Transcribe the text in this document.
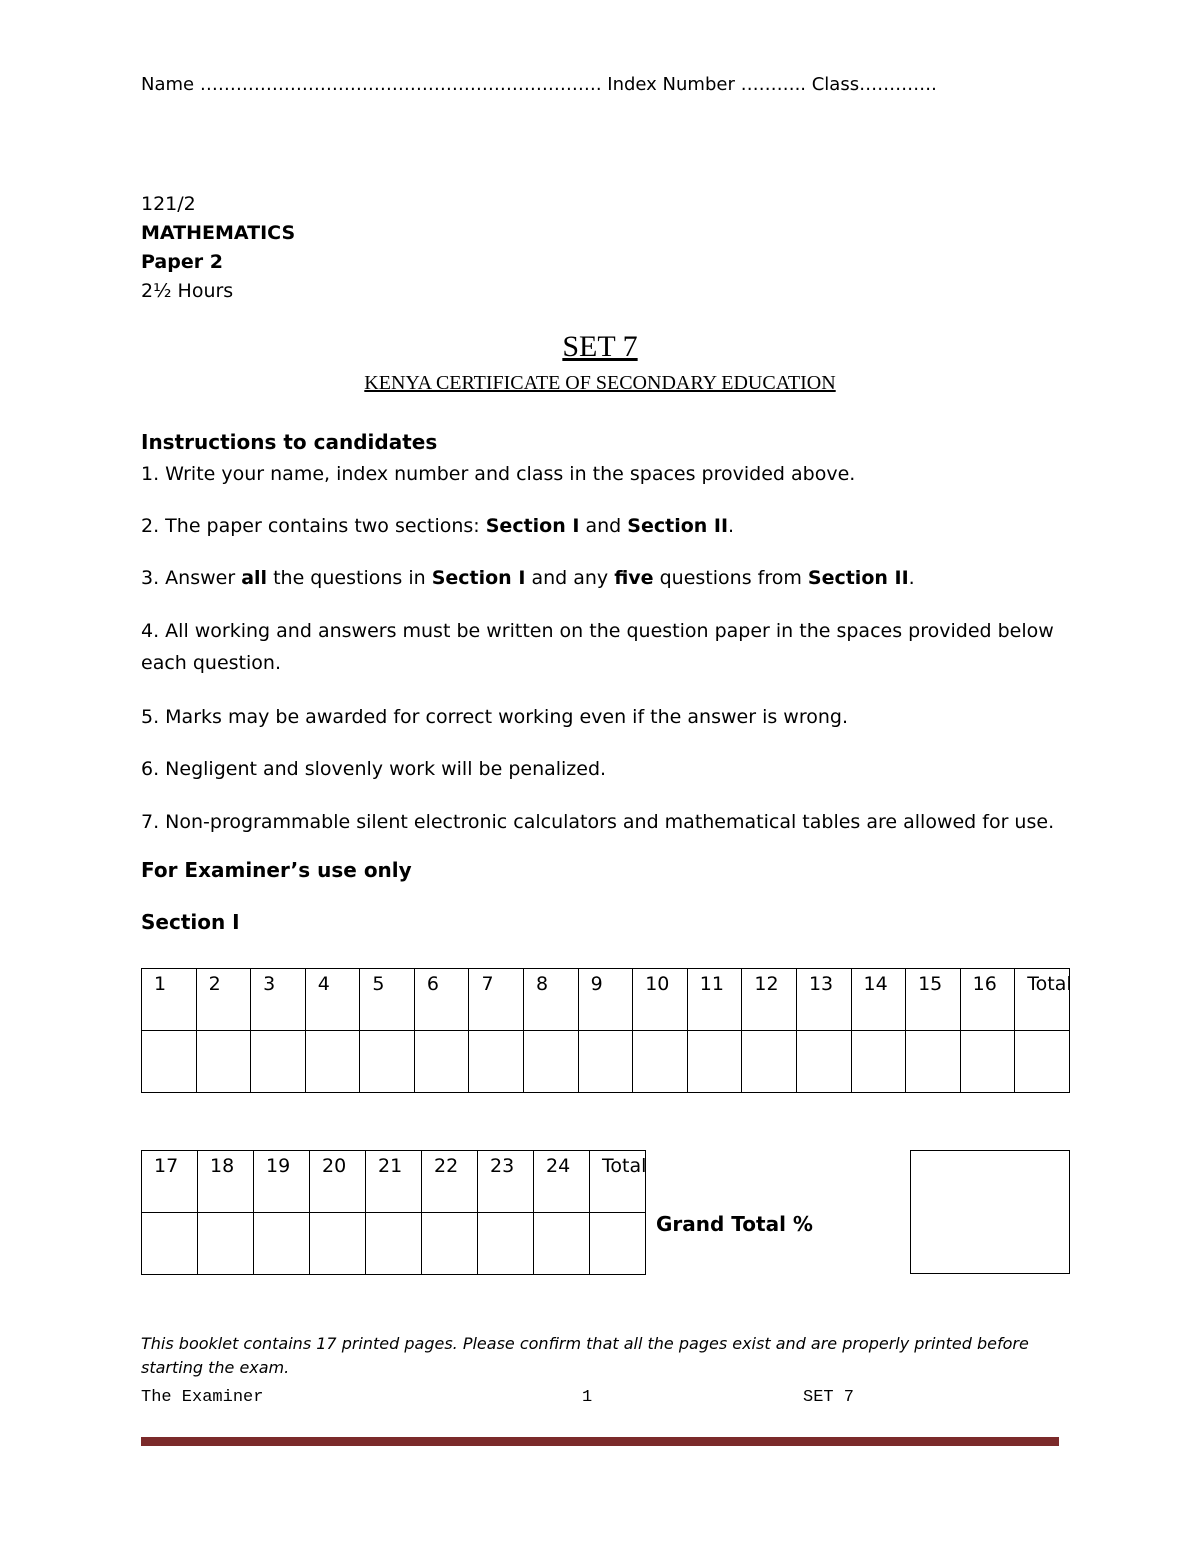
Name …………………………………………………………. Index Number ……….. Class………….
121/2
MATHEMATICS
Paper 2
2½ Hours
SET 7
KENYA CERTIFICATE OF SECONDARY EDUCATION
Instructions to candidates
1. Write your name, index number and class in the spaces provided above.
2. The paper contains two sections: Section I and Section II.
3. Answer all the questions in Section I and any five questions from Section II.
4. All working and answers must be written on the question paper in the spaces provided below each question.
5. Marks may be awarded for correct working even if the answer is wrong.
6. Negligent and slovenly work will be penalized.
7. Non-programmable silent electronic calculators and mathematical tables are allowed for use.
For Examiner’s use only
Section I
1	2	3	4	5	6	7	8	9	10	11	12	13	14	15	16	Total

17	18	19	20	21	22	23	24	Total

Grand Total %
This booklet contains 17 printed pages. Please confirm that all the pages exist and are properly printed before starting the exam.
The Examiner	1	SET 7
